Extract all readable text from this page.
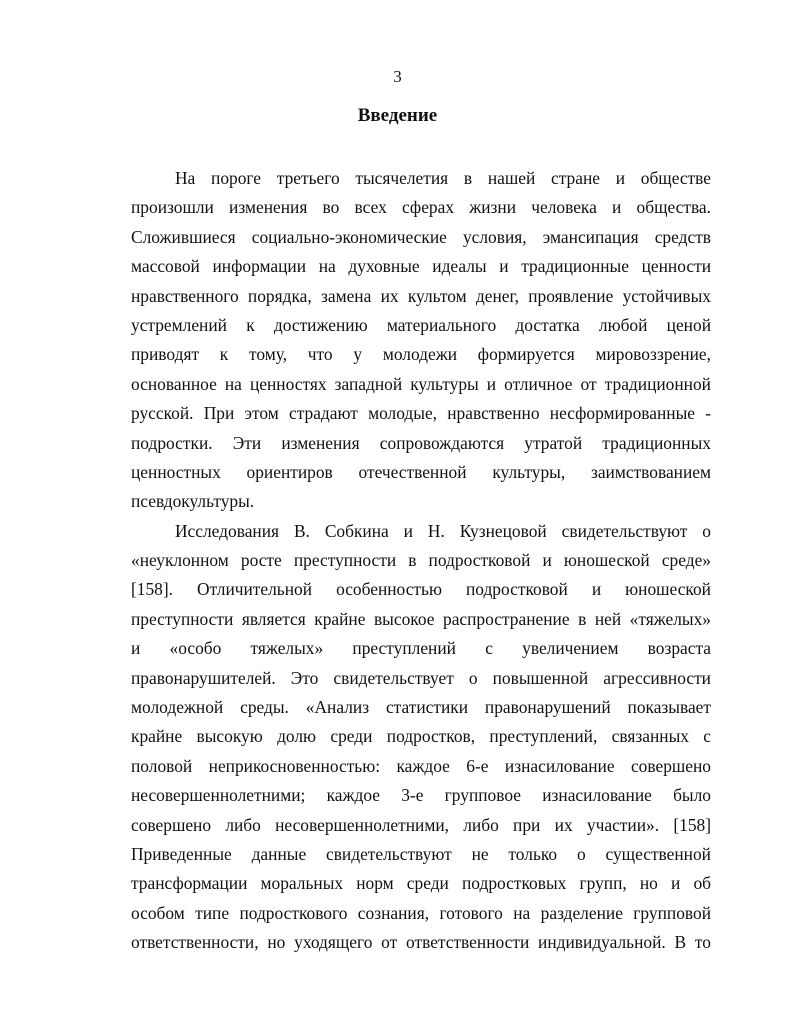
3
Введение

На пороге третьего тысячелетия в нашей стране и обществе
произошли изменения во всех сферах жизни человека и общества.
Сложившиеся социально-экономические условия, эмансипация средств
массовой информации на духовные идеалы и традиционные ценности
нравственного порядка, замена их культом денег, проявление устойчивых
устремлений к достижению материального достатка любой ценой
приводят к тому, что у молодежи формируется мировоззрение,
основанное на ценностях западной культуры и отличное от традиционной
русской. При этом страдают молодые, нравственно несформированные -
подростки. Эти изменения сопровождаются утратой традиционных
ценностных ориентиров отечественной культуры, заимствованием
псевдокультуры.

Исследования В. Собкина и Н. Кузнецовой свидетельствуют о
«неуклонном росте преступности в подростковой и юношеской среде»
[158]. Отличительной особенностью подростковой и юношеской
преступности является крайне высокое распространение в ней «тяжелых»
и «особо тяжелых» преступлений с увеличением возраста
правонарушителей. Это свидетельствует о повышенной агрессивности
молодежной среды. «Анализ статистики правонарушений показывает
крайне высокую долю среди подростков, преступлений, связанных с
половой неприкосновенностью: каждое 6-е изнасилование совершено
несовершеннолетними; каждое 3-е групповое изнасилование было
совершено либо несовершеннолетними, либо при их участии». [158]
Приведенные данные свидетельствуют не только о существенной
трансформации моральных норм среди подростковых групп, но и об
особом типе подросткового сознания, готового на разделение групповой
ответственности, но уходящего от ответственности индивидуальной. В то
